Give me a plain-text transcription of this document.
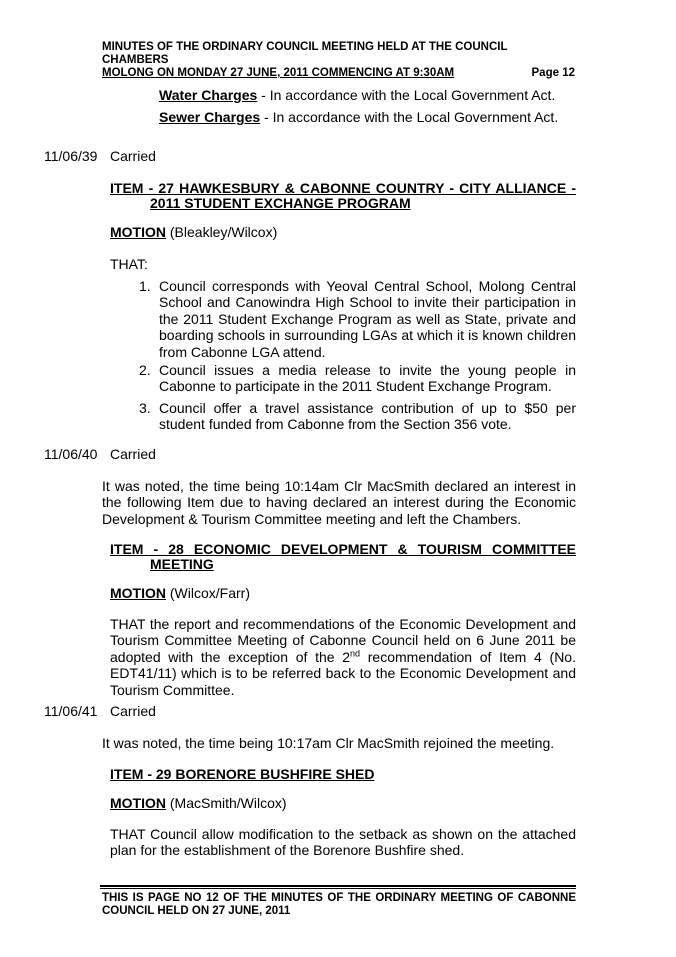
MINUTES OF THE ORDINARY COUNCIL MEETING HELD AT THE COUNCIL CHAMBERS
MOLONG ON MONDAY 27 JUNE, 2011 COMMENCING AT 9:30AM	Page 12
Water Charges - In accordance with the Local Government Act.
Sewer Charges - In accordance with the Local Government Act.
11/06/39 Carried
ITEM - 27 HAWKESBURY & CABONNE COUNTRY - CITY ALLIANCE -
2011 STUDENT EXCHANGE PROGRAM
MOTION (Bleakley/Wilcox)
THAT:
1. Council corresponds with Yeoval Central School, Molong Central School and Canowindra High School to invite their participation in the 2011 Student Exchange Program as well as State, private and boarding schools in surrounding LGAs at which it is known children from Cabonne LGA attend.
2. Council issues a media release to invite the young people in Cabonne to participate in the 2011 Student Exchange Program.
3. Council offer a travel assistance contribution of up to $50 per student funded from Cabonne from the Section 356 vote.
11/06/40 Carried
It was noted, the time being 10:14am Clr MacSmith declared an interest in the following Item due to having declared an interest during the Economic Development & Tourism Committee meeting and left the Chambers.
ITEM - 28 ECONOMIC DEVELOPMENT & TOURISM COMMITTEE
MEETING
MOTION (Wilcox/Farr)
THAT the report and recommendations of the Economic Development and Tourism Committee Meeting of Cabonne Council held on 6 June 2011 be adopted with the exception of the 2nd recommendation of Item 4 (No. EDT41/11) which is to be referred back to the Economic Development and Tourism Committee.
11/06/41 Carried
It was noted, the time being 10:17am Clr MacSmith rejoined the meeting.
ITEM - 29 BORENORE BUSHFIRE SHED
MOTION (MacSmith/Wilcox)
THAT Council allow modification to the setback as shown on the attached plan for the establishment of the Borenore Bushfire shed.
THIS IS PAGE NO 12 OF THE MINUTES OF THE ORDINARY MEETING OF CABONNE
COUNCIL HELD ON 27 JUNE, 2011
